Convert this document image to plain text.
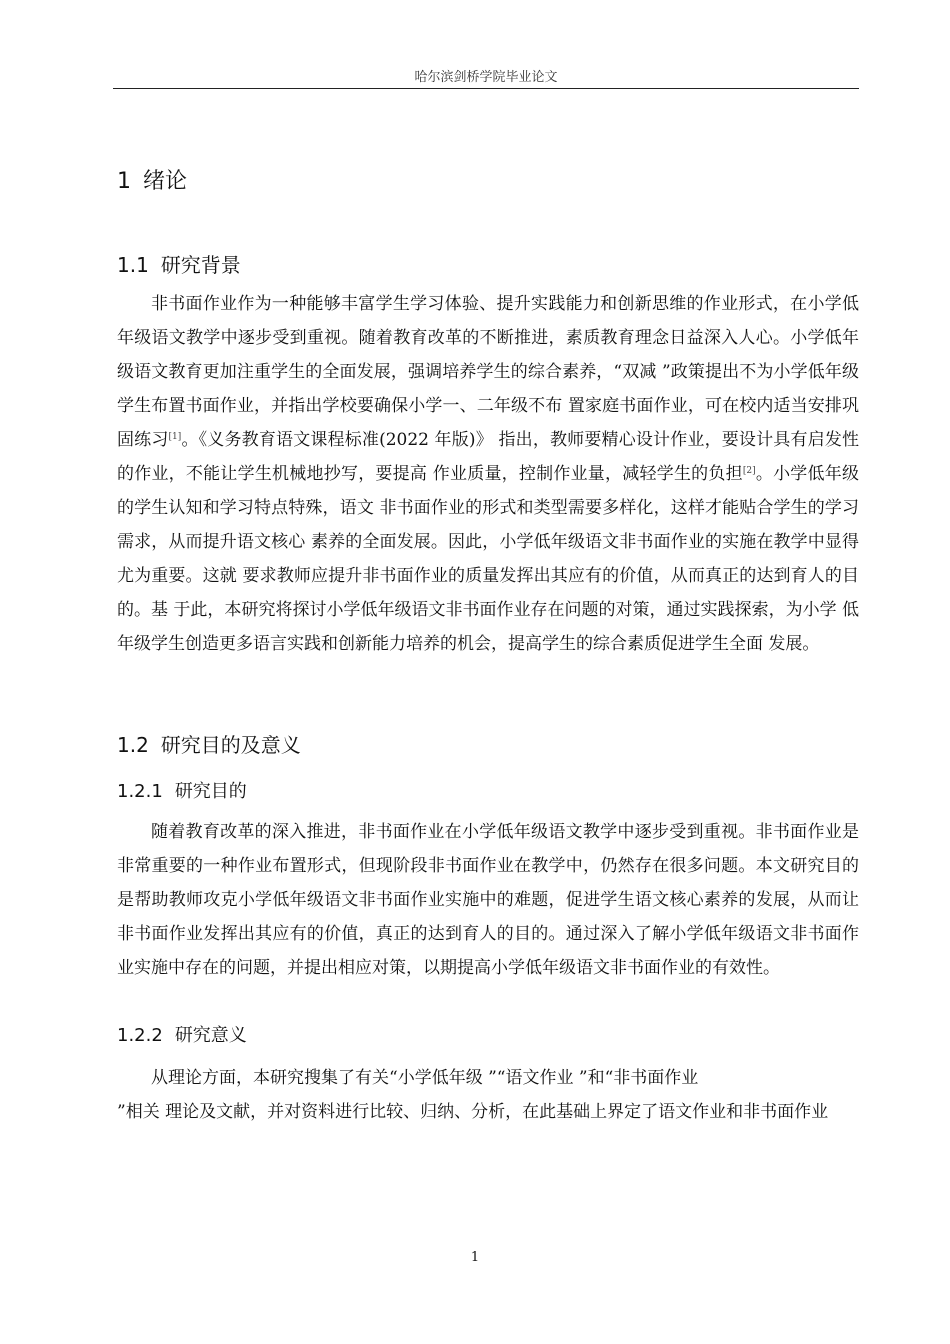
哈尔滨剑桥学院毕业论文
1 绪论
1.1 研究背景

非书面作业作为一种能够丰富学生学习体验、提升实践能力和创新思维的作业形式，在小学低年级语文教学中逐步受到重视。随着教育改革的不断推进，素质教育理念日益深入人心。小学低年级语文教育更加注重学生的全面发展，强调培养学生的综合素养，“双减 ”政策提出不为小学低年级学生布置书面作业，并指出学校要确保小学一、二年级不布 置家庭书面作业，可在校内适当安排巩固练习[1]。《义务教育语文课程标准(2022 年版)》 指出，教师要精心设计作业，要设计具有启发性的作业，不能让学生机械地抄写，要提高 作业质量，控制作业量，减轻学生的负担[2]。小学低年级的学生认知和学习特点特殊，语文 非书面作业的形式和类型需要多样化，这样才能贴合学生的学习需求，从而提升语文核心 素养的全面发展。因此，小学低年级语文非书面作业的实施在教学中显得尤为重要。这就 要求教师应提升非书面作业的质量发挥出其应有的价值，从而真正的达到育人的目的。基 于此，本研究将探讨小学低年级语文非书面作业存在问题的对策，通过实践探索，为小学 低年级学生创造更多语言实践和创新能力培养的机会，提高学生的综合素质促进学生全面 发展。

1.2 研究目的及意义
1.2.1 研究目的

随着教育改革的深入推进，非书面作业在小学低年级语文教学中逐步受到重视。非书面作业是非常重要的一种作业布置形式，但现阶段非书面作业在教学中，仍然存在很多问题。本文研究目的是帮助教师攻克小学低年级语文非书面作业实施中的难题，促进学生语文核心素养的发展，从而让非书面作业发挥出其应有的价值，真正的达到育人的目的。通过深入了解小学低年级语文非书面作业实施中存在的问题，并提出相应对策，以期提高小学低年级语文非书面作业的有效性。

1.2.2 研究意义

从理论方面，本研究搜集了有关“小学低年级 ”“语文作业 ”和“非书面作业
”相关 理论及文献，并对资料进行比较、归纳、分析，在此基础上界定了语文作业和非书面作业

1
